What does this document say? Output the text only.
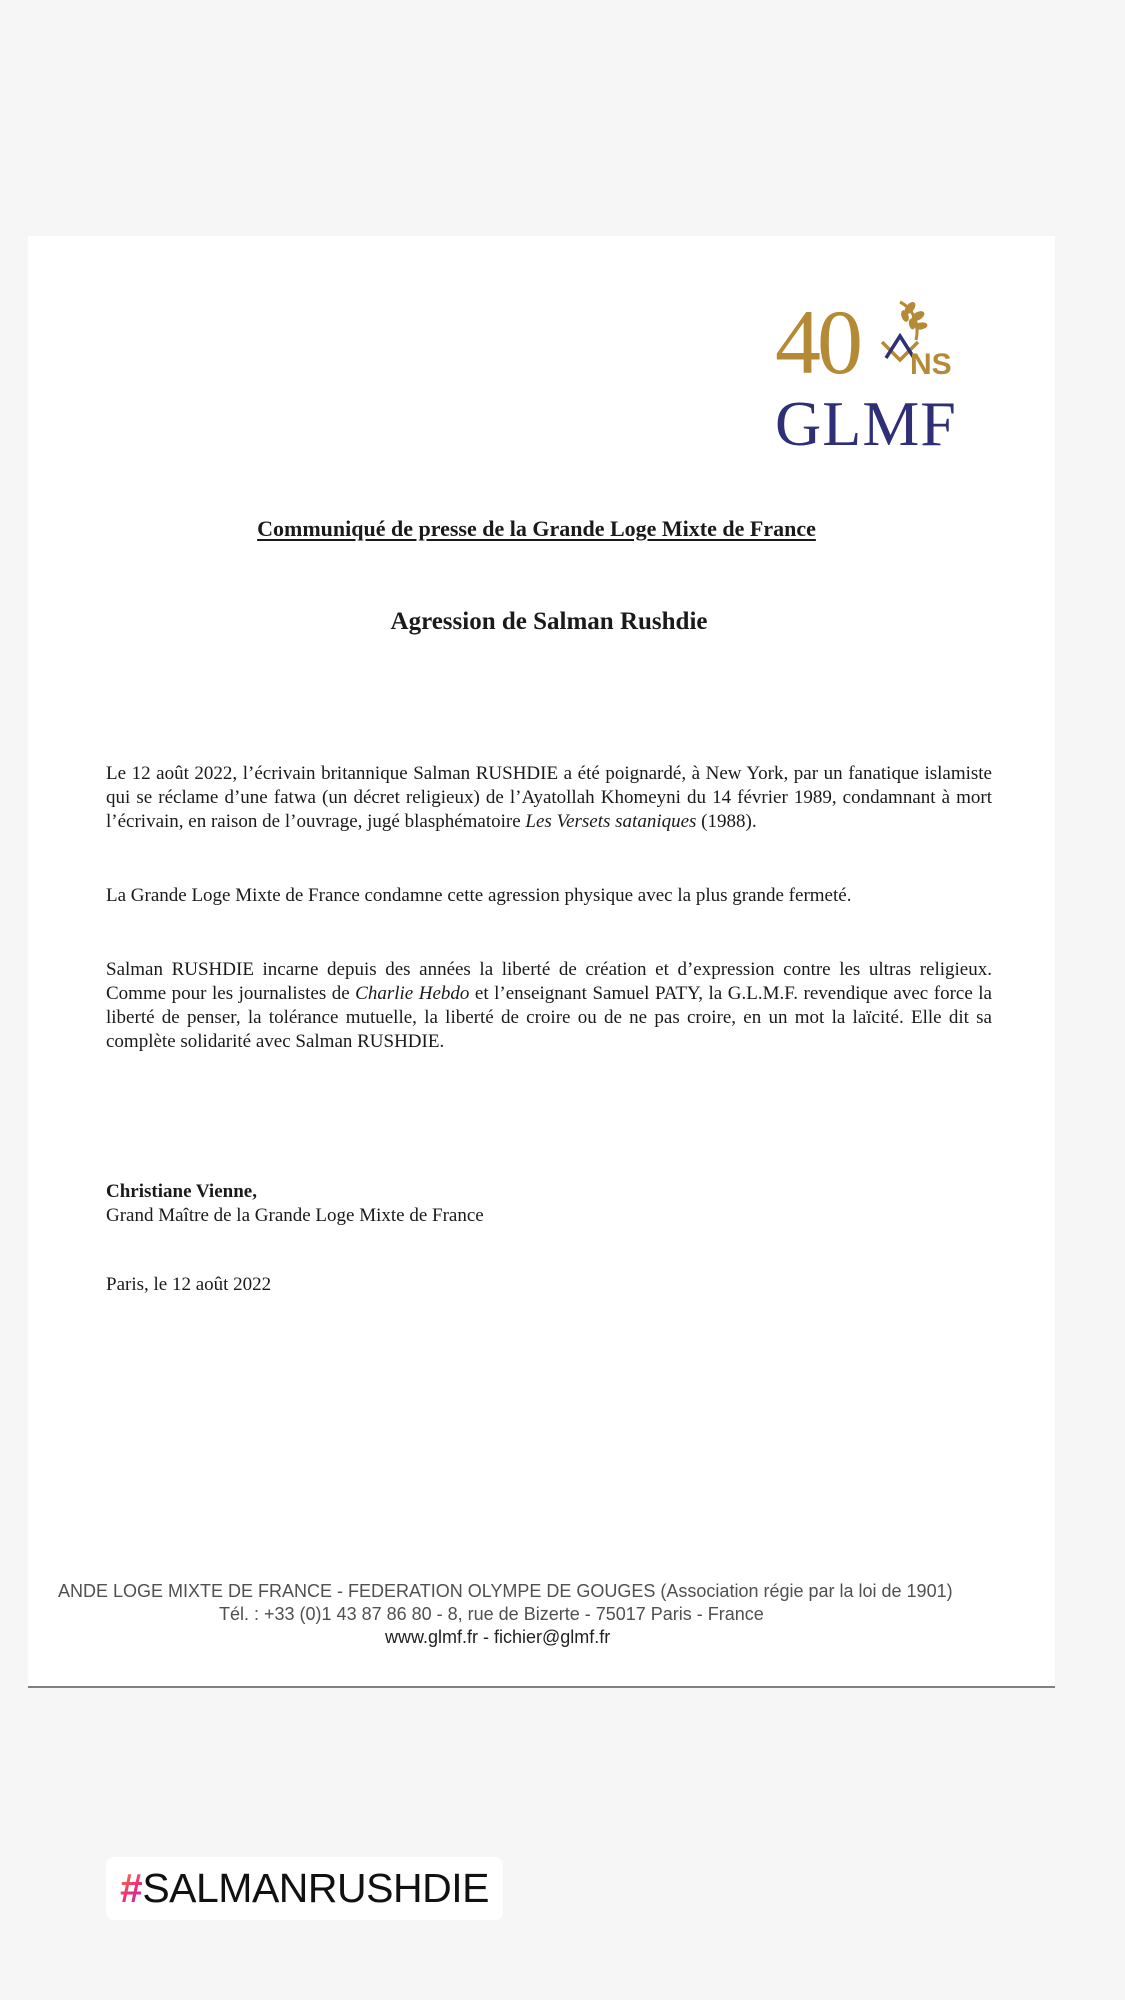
40 NS
GLMF
Communiqué de presse de la Grande Loge Mixte de France
Agression de Salman Rushdie

Le 12 août 2022, l’écrivain britannique Salman RUSHDIE a été poignardé, à New York, par un fanatique islamiste qui se réclame d’une fatwa (un décret religieux) de l’Ayatollah Khomeyni du 14 février 1989, condamnant à mort l’écrivain, en raison de l’ouvrage, jugé blasphématoire Les Versets sataniques (1988).

La Grande Loge Mixte de France condamne cette agression physique avec la plus grande fermeté.

Salman RUSHDIE incarne depuis des années la liberté de création et d’expression contre les ultras religieux. Comme pour les journalistes de Charlie Hebdo et l’enseignant Samuel PATY, la G.L.M.F. revendique avec force la liberté de penser, la tolérance mutuelle, la liberté de croire ou de ne pas croire, en un mot la laïcité. Elle dit sa complète solidarité avec Salman RUSHDIE.

Christiane Vienne,
Grand Maître de la Grande Loge Mixte de France
Paris, le 12 août 2022
ANDE LOGE MIXTE DE FRANCE - FEDERATION OLYMPE DE GOUGES (Association régie par la loi de 1901)
Tél. : +33 (0)1 43 87 86 80 - 8, rue de Bizerte - 75017 Paris - France
www.glmf.fr - fichier@glmf.fr
# SALMANRUSHDIE
